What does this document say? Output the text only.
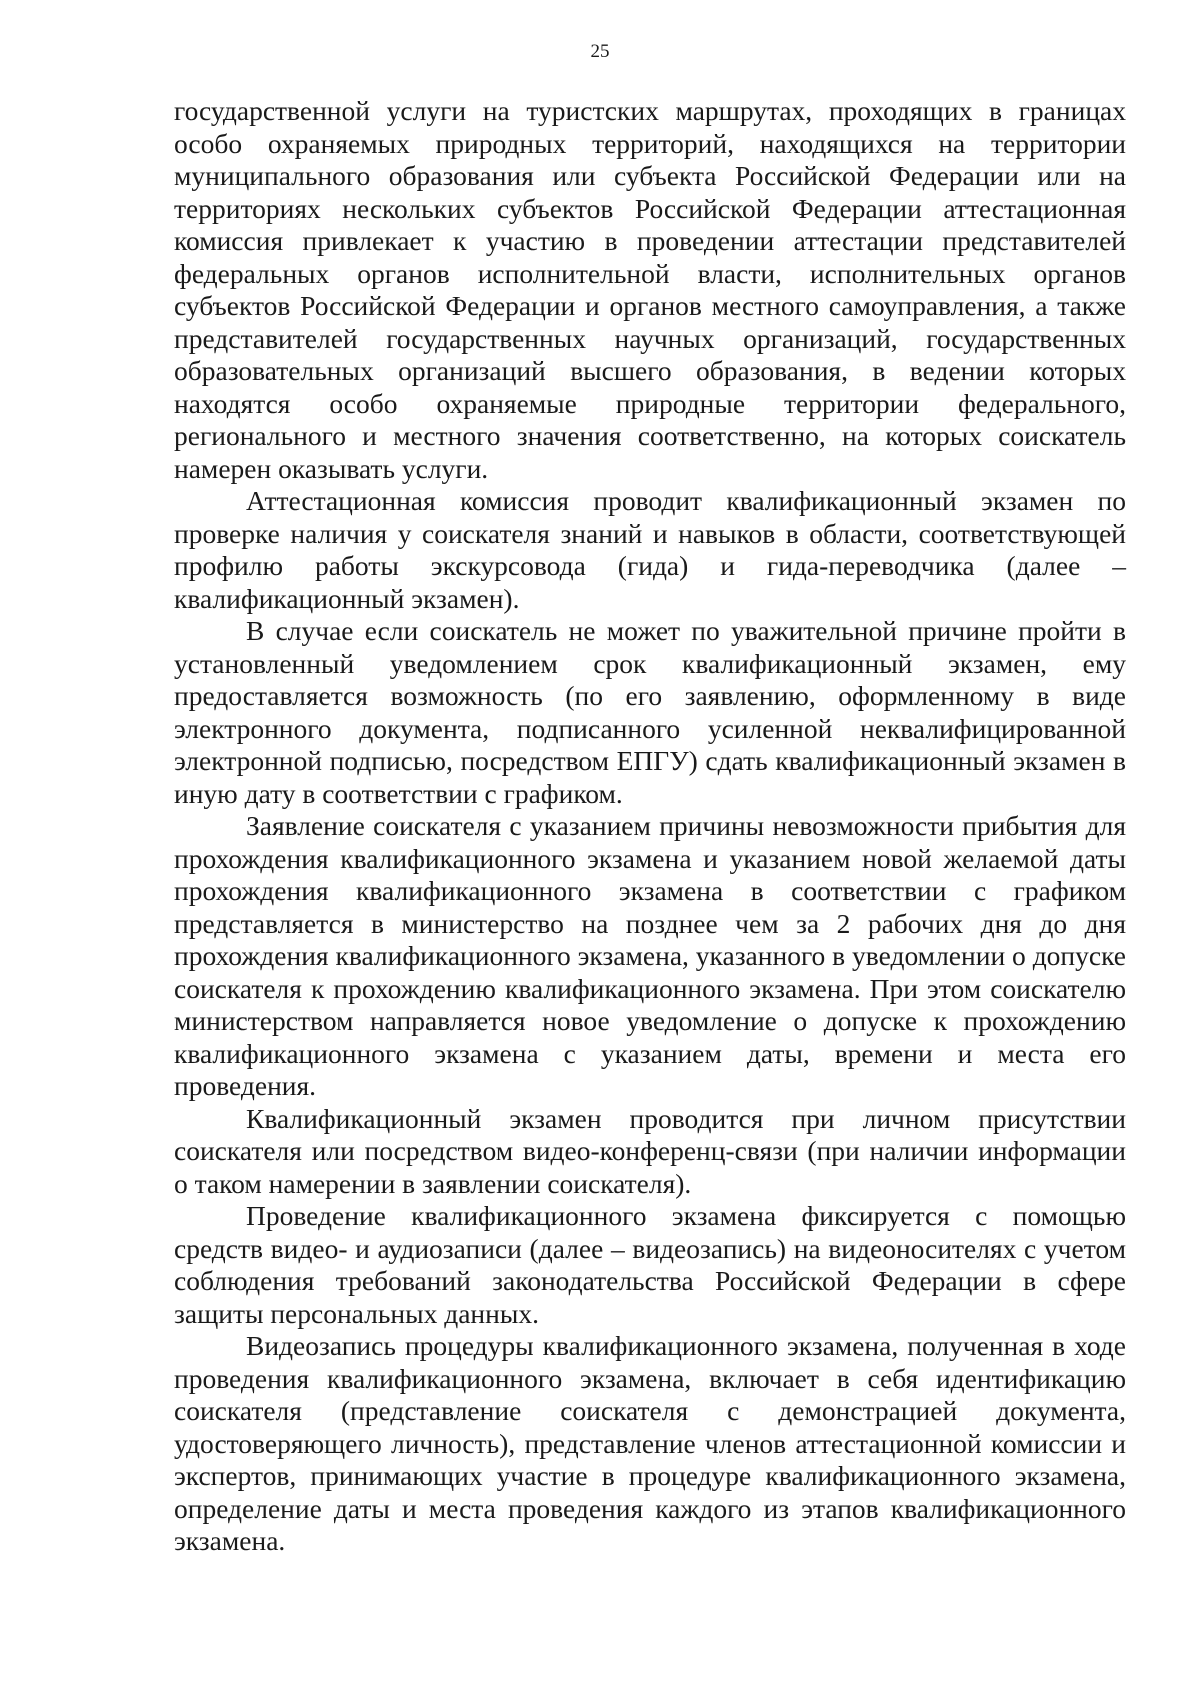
25

государственной услуги на туристских маршрутах, проходящих в границах особо охраняемых природных территорий, находящихся на территории муниципального образования или субъекта Российской Федерации или на территориях нескольких субъектов Российской Федерации аттестационная комиссия привлекает к участию в проведении аттестации представителей федеральных органов исполнительной власти, исполнительных органов субъектов Российской Федерации и органов местного самоуправления, а также представителей государственных научных организаций, государственных образовательных организаций высшего образования, в ведении которых находятся особо охраняемые природные территории федерального, регионального и местного значения соответственно, на которых соискатель намерен оказывать услуги.

Аттестационная комиссия проводит квалификационный экзамен по проверке наличия у соискателя знаний и навыков в области, соответствующей профилю работы экскурсовода (гида) и гида-переводчика (далее – квалификационный экзамен).

В случае если соискатель не может по уважительной причине пройти в установленный уведомлением срок квалификационный экзамен, ему предоставляется возможность (по его заявлению, оформленному в виде электронного документа, подписанного усиленной неквалифицированной электронной подписью, посредством ЕПГУ) сдать квалификационный экзамен в иную дату в соответствии с графиком.

Заявление соискателя с указанием причины невозможности прибытия для прохождения квалификационного экзамена и указанием новой желаемой даты прохождения квалификационного экзамена в соответствии с графиком представляется в министерство на позднее чем за 2 рабочих дня до дня прохождения квалификационного экзамена, указанного в уведомлении о допуске соискателя к прохождению квалификационного экзамена. При этом соискателю министерством направляется новое уведомление о допуске к прохождению квалификационного экзамена с указанием даты, времени и места его проведения.

Квалификационный экзамен проводится при личном присутствии соискателя или посредством видео-конференц-связи (при наличии информации о таком намерении в заявлении соискателя).

Проведение квалификационного экзамена фиксируется с помощью средств видео- и аудиозаписи (далее – видеозапись) на видеоносителях с учетом соблюдения требований законодательства Российской Федерации в сфере защиты персональных данных.

Видеозапись процедуры квалификационного экзамена, полученная в ходе проведения квалификационного экзамена, включает в себя идентификацию соискателя (представление соискателя с демонстрацией документа, удостоверяющего личность), представление членов аттестационной комиссии и экспертов, принимающих участие в процедуре квалификационного экзамена, определение даты и места проведения каждого из этапов квалификационного экзамена.
